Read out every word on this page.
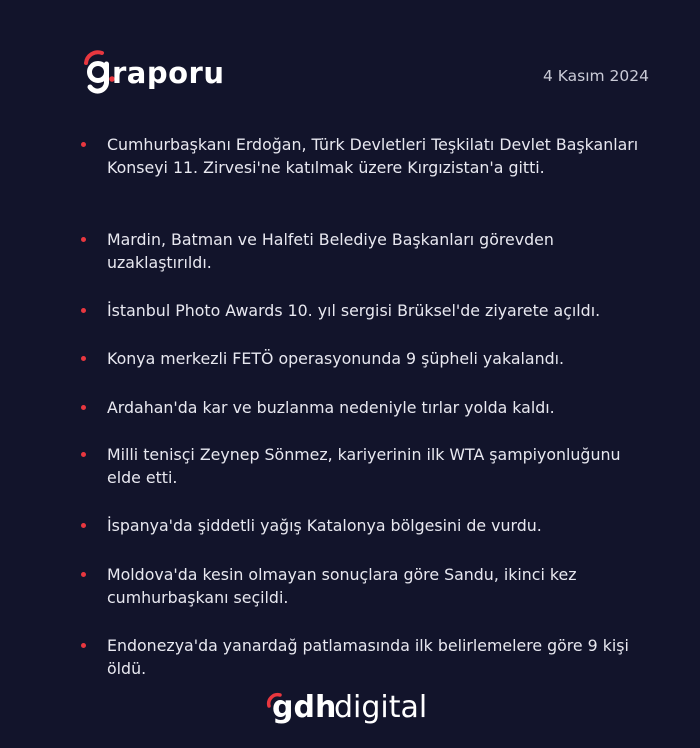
raporu	4 Kasım 2024
Cumhurbaşkanı Erdoğan, Türk Devletleri Teşkilatı Devlet Başkanları Konseyi 11. Zirvesi'ne katılmak üzere Kırgızistan'a gitti.
Mardin, Batman ve Halfeti Belediye Başkanları görevden uzaklaştırıldı.
İstanbul Photo Awards 10. yıl sergisi Brüksel'de ziyarete açıldı.
Konya merkezli FETÖ operasyonunda 9 şüpheli yakalandı.
Ardahan'da kar ve buzlanma nedeniyle tırlar yolda kaldı.
Milli tenisçi Zeynep Sönmez, kariyerinin ilk WTA şampiyonluğunu elde etti.
İspanya'da şiddetli yağış Katalonya bölgesini de vurdu.
Moldova'da kesin olmayan sonuçlara göre Sandu, ikinci kez cumhurbaşkanı seçildi.
Endonezya'da yanardağ patlamasında ilk belirlemelere göre 9 kişi öldü.
gdh
digital
